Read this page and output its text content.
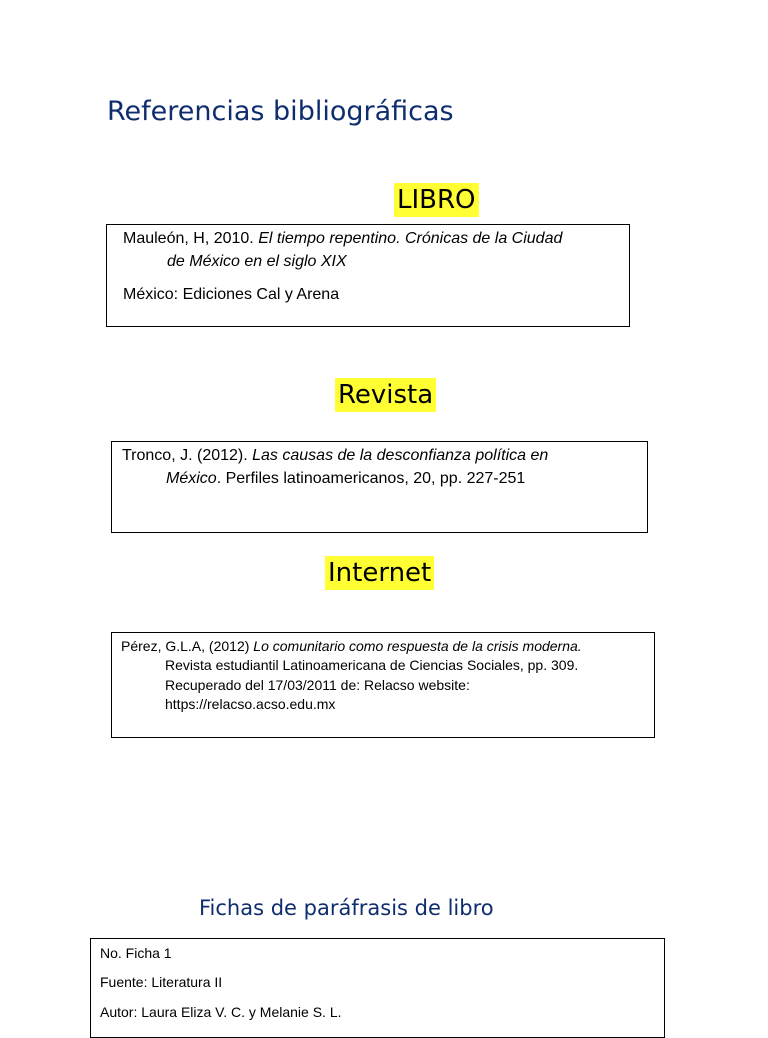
Referencias bibliográficas
LIBRO
Mauleón, H, 2010. El tiempo repentino. Crónicas de la Ciudad
de México en el siglo XIX
México: Ediciones Cal y Arena
Revista
Tronco, J. (2012). Las causas de la desconfianza política en
México. Perfiles latinoamericanos, 20, pp. 227-251
Internet
Pérez, G.L.A, (2012) Lo comunitario como respuesta de la crisis moderna.
Revista estudiantil Latinoamericana de Ciencias Sociales, pp. 309.
Recuperado del 17/03/2011 de: Relacso website:
https://relacso.acso.edu.mx
Fichas de paráfrasis de libro
No. Ficha 1
Fuente: Literatura II
Autor: Laura Eliza V. C. y Melanie S. L.
